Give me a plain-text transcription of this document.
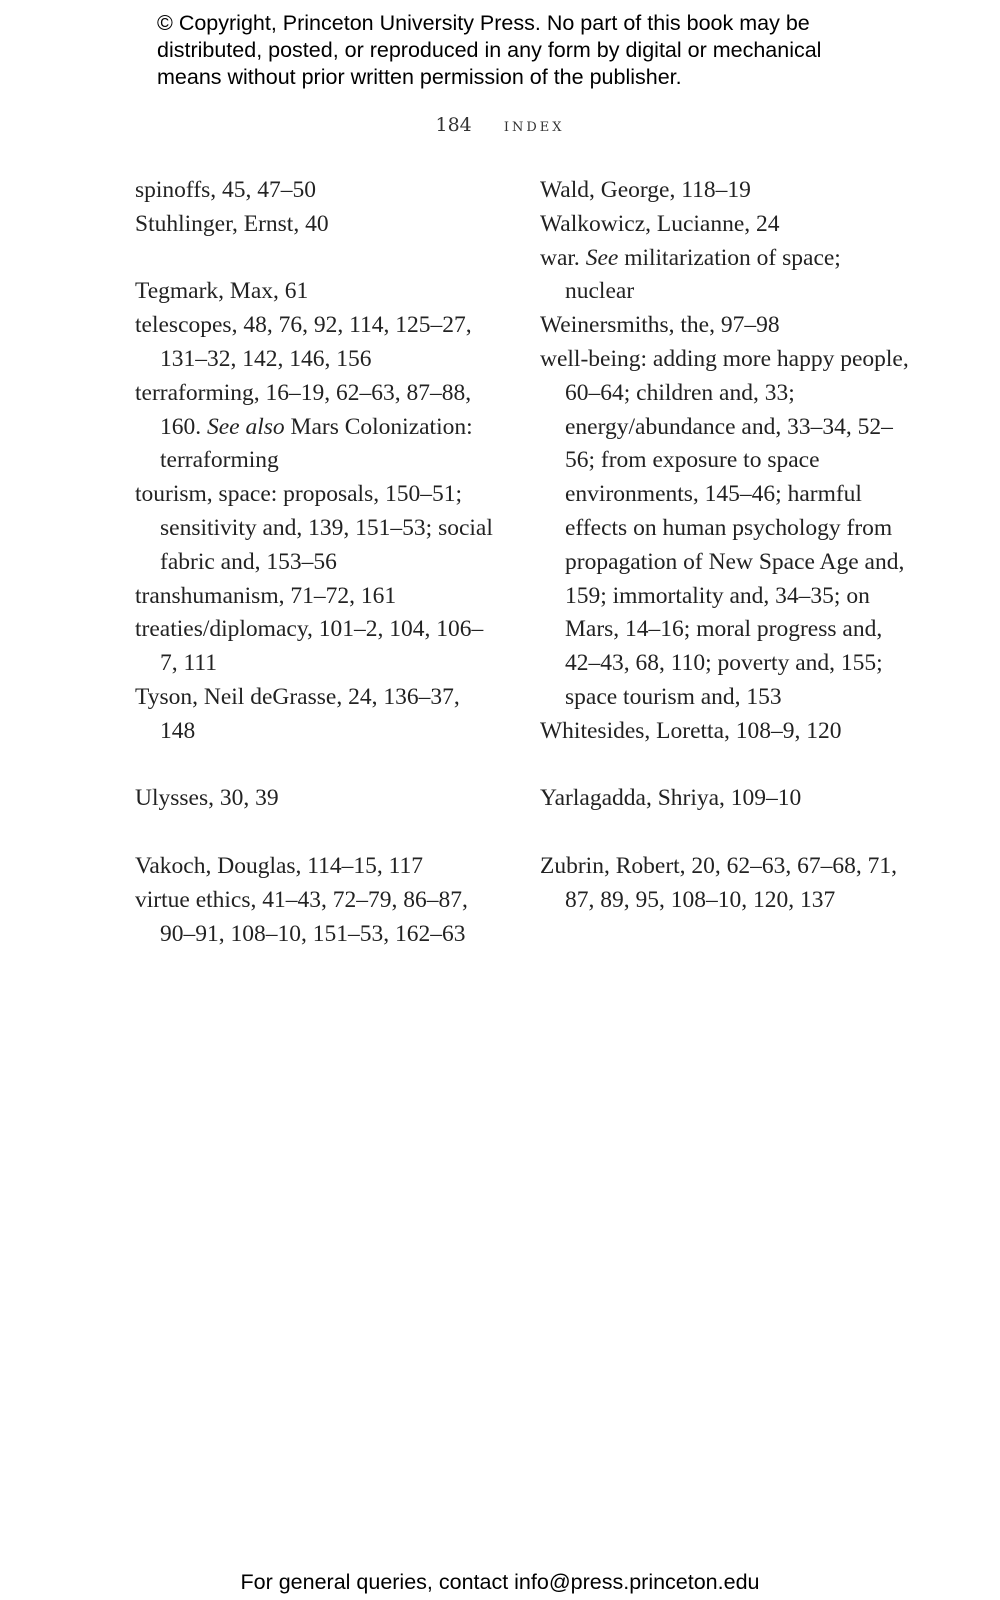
© Copyright, Princeton University Press. No part of this book may be
distributed, posted, or reproduced in any form by digital or mechanical
means without prior written permission of the publisher.
184 index

spinoffs, 45, 47–50

Stuhlinger, Ernst, 40

Tegmark, Max, 61

telescopes, 48, 76, 92, 114, 125–27, 131–32, 142, 146, 156

terraforming, 16–19, 62–63, 87–88, 160. See also Mars Colonization: terraforming

tourism, space: proposals, 150–51; sensitivity and, 139, 151–53; social fabric and, 153–56

transhumanism, 71–72, 161

treaties/diplomacy, 101–2, 104, 106–7, 111

Tyson, Neil deGrasse, 24, 136–37, 148

Ulysses, 30, 39

Vakoch, Douglas, 114–15, 117

virtue ethics, 41–43, 72–79, 86–87, 90–91, 108–10, 151–53, 162–63

Wald, George, 118–19

Walkowicz, Lucianne, 24

war. See militarization of space; nuclear

Weinersmiths, the, 97–98

well-being: adding more happy people, 60–64; children and, 33; energy/abundance and, 33–34, 52–56; from exposure to space environments, 145–46; harmful effects on human psychology from propagation of New Space Age and, 159; immortality and, 34–35; on Mars, 14–16; moral progress and, 42–43, 68, 110; poverty and, 155; space tourism and, 153

Whitesides, Loretta, 108–9, 120

Yarlagadda, Shriya, 109–10

Zubrin, Robert, 20, 62–63, 67–68, 71, 87, 89, 95, 108–10, 120, 137

For general queries, contact info@press.princeton.edu
